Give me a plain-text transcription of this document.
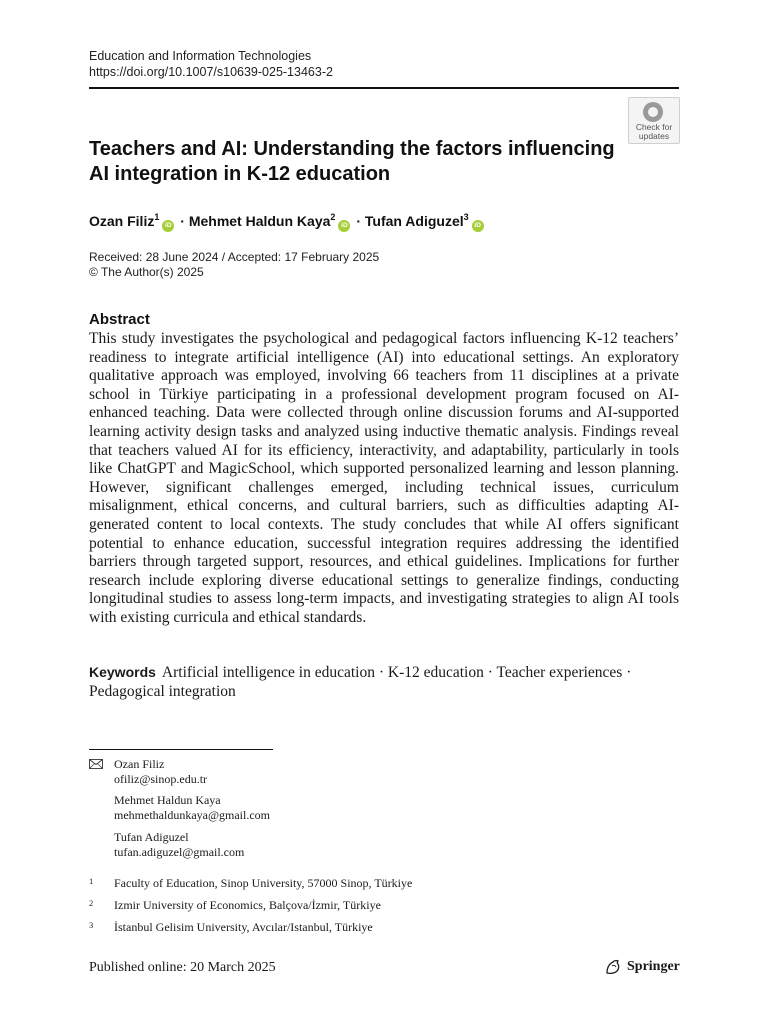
Education and Information Technologies
https://doi.org/10.1007/s10639-025-13463-2
Check for
updates
Teachers and AI: Understanding the factors influencing AI integration in K-12 education
Ozan Filiz$^1$iD · Mehmet Haldun Kaya$^2$iD · Tufan Adiguzel$^3$iD
Received: 28 June 2024 / Accepted: 17 February 2025
© The Author(s) 2025
Abstract
This study investigates the psychological and pedagogical factors influencing K-12 teachers’ readiness to integrate artificial intelligence (AI) into educational settings. An exploratory qualitative approach was employed, involving 66 teachers from 11 disciplines at a private school in Türkiye participating in a professional development program focused on AI-enhanced teaching. Data were collected through online discussion forums and AI-supported learning activity design tasks and analyzed using inductive thematic analysis. Findings reveal that teachers valued AI for its efficiency, interactivity, and adaptability, particularly in tools like ChatGPT and MagicSchool, which supported personalized learning and lesson planning. However, significant challenges emerged, including technical issues, curriculum misalignment, ethical concerns, and cultural barriers, such as difficulties adapting AI-generated content to local contexts. The study concludes that while AI offers significant potential to enhance education, successful integration requires addressing the identified barriers through targeted support, resources, and ethical guidelines. Implications for further research include exploring diverse educational settings to generalize findings, conducting longitudinal studies to assess long-term impacts, and investigating strategies to align AI tools with existing curricula and ethical standards.
Keywords Artificial intelligence in education · K-12 education · Teacher experiences · Pedagogical integration
Ozan Filiz
ofiliz@sinop.edu.tr
Mehmet Haldun Kaya
mehmethaldunkaya@gmail.com
Tufan Adiguzel
tufan.adiguzel@gmail.com
1 Faculty of Education, Sinop University, 57000 Sinop, Türkiye
2 Izmir University of Economics, Balçova/İzmir, Türkiye
3 İstanbul Gelisim University, Avcılar/Istanbul, Türkiye
Published online: 20 March 2025	Springer
